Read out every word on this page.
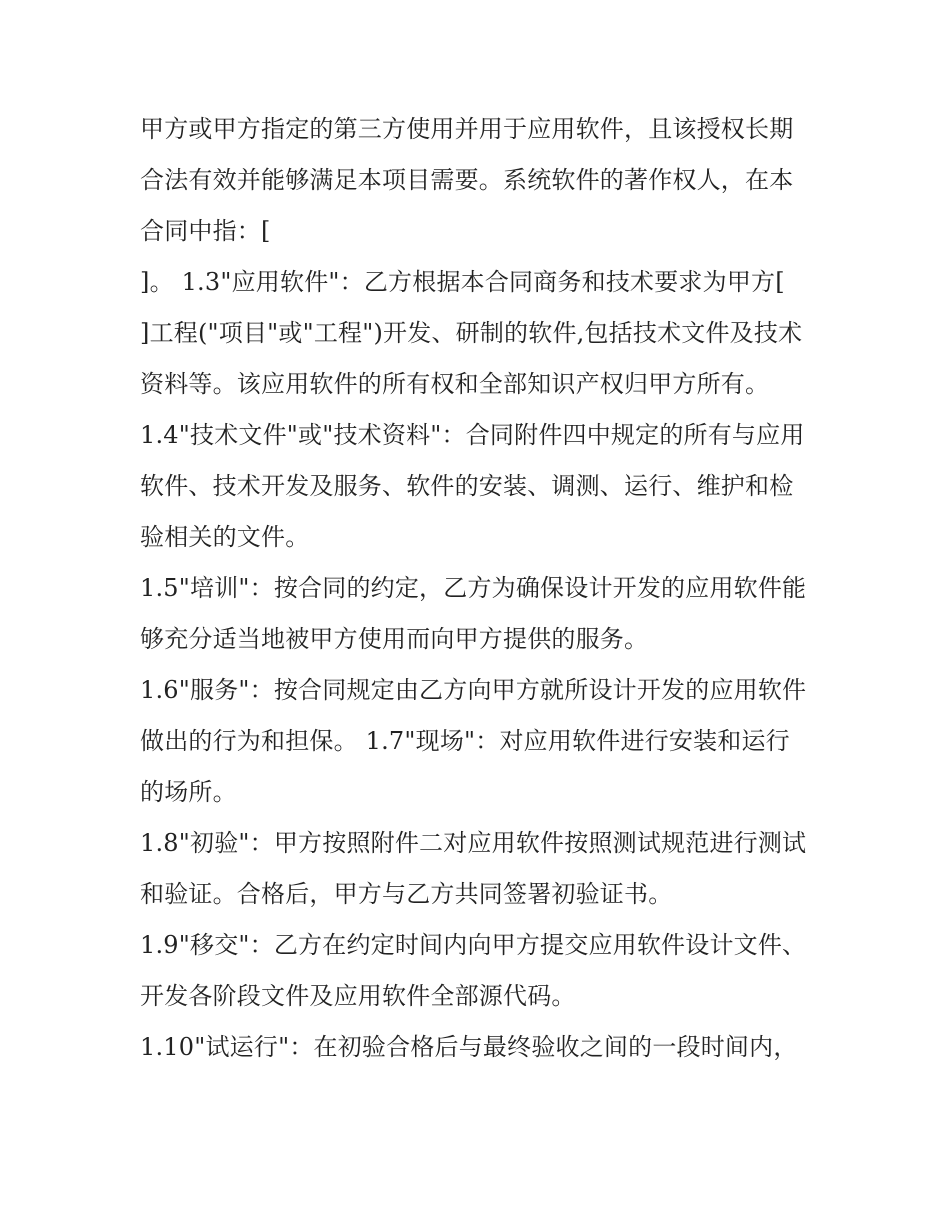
甲方或甲方指定的第三方使用并用于应用软件，且该授权长期
合法有效并能够满足本项目需要。系统软件的著作权人，在本
合同中指：[
]。 1.3"应用软件"：乙方根据本合同商务和技术要求为甲方[
]工程("项目"或"工程")开发、研制的软件,包括技术文件及技术
资料等。该应用软件的所有权和全部知识产权归甲方所有。
1.4"技术文件"或"技术资料"：合同附件四中规定的所有与应用
软件、技术开发及服务、软件的安装、调测、运行、维护和检
验相关的文件。
1.5"培训"：按合同的约定，乙方为确保设计开发的应用软件能
够充分适当地被甲方使用而向甲方提供的服务。
1.6"服务"：按合同规定由乙方向甲方就所设计开发的应用软件
做出的行为和担保。 1.7"现场"：对应用软件进行安装和运行
的场所。
1.8"初验"：甲方按照附件二对应用软件按照测试规范进行测试
和验证。合格后，甲方与乙方共同签署初验证书。
1.9"移交"：乙方在约定时间内向甲方提交应用软件设计文件、
开发各阶段文件及应用软件全部源代码。
1.10"试运行"：在初验合格后与最终验收之间的一段时间内，
